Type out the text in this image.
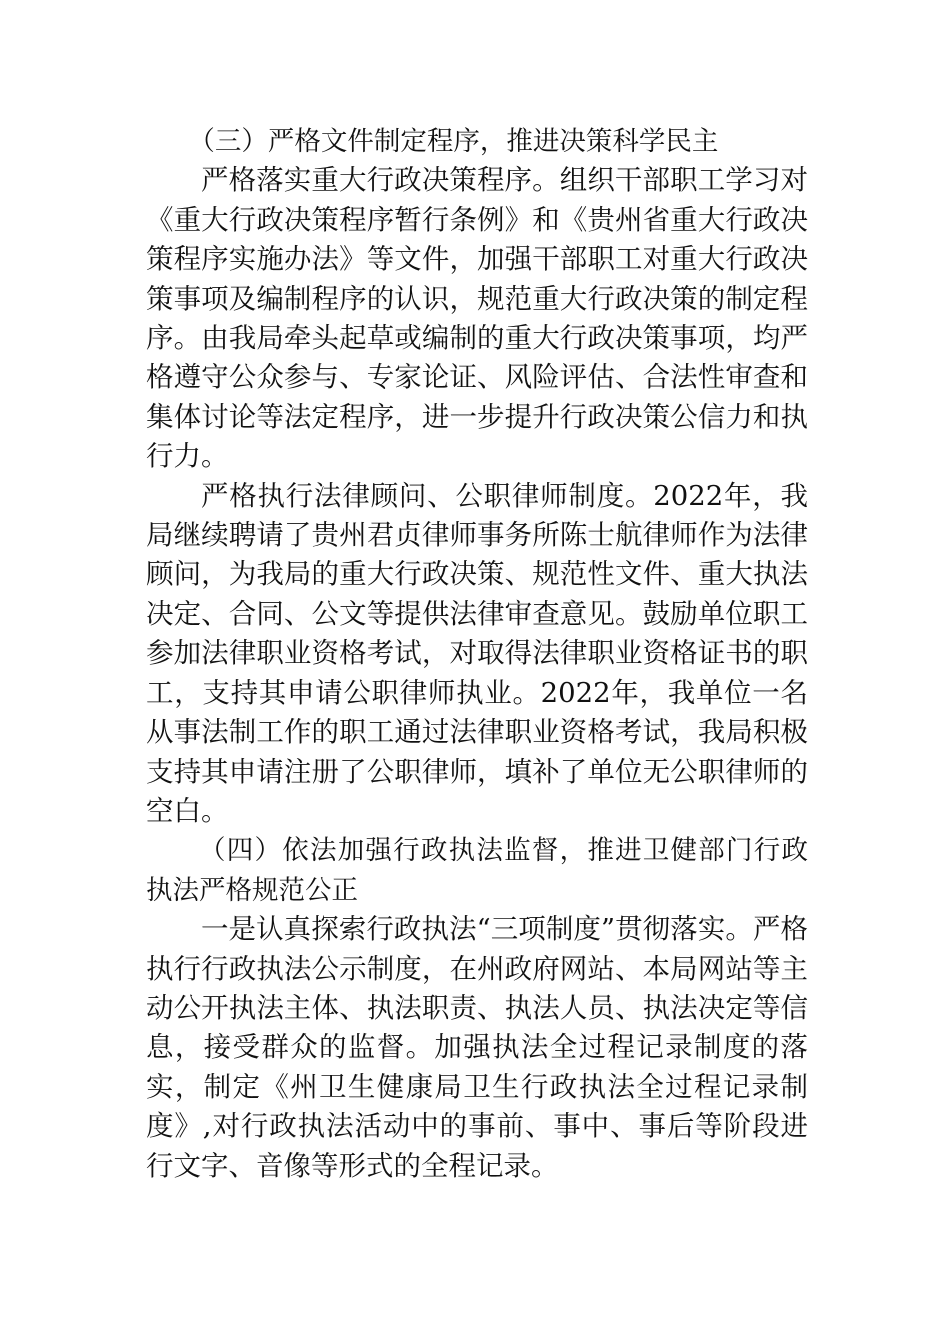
（三）严格文件制定程序，推进决策科学民主

严格落实重大行政决策程序。组织干部职工学习对《重大行政决策程序暂行条例》和《贵州省重大行政决策程序实施办法》等文件，加强干部职工对重大行政决策事项及编制程序的认识，规范重大行政决策的制定程序。由我局牵头起草或编制的重大行政决策事项，均严格遵守公众参与、专家论证、风险评估、合法性审查和集体讨论等法定程序，进一步提升行政决策公信力和执行力。

严格执行法律顾问、公职律师制度。2022年，我局继续聘请了贵州君贞律师事务所陈士航律师作为法律顾问，为我局的重大行政决策、规范性文件、重大执法决定、合同、公文等提供法律审查意见。鼓励单位职工参加法律职业资格考试，对取得法律职业资格证书的职工，支持其申请公职律师执业。2022年，我单位一名从事法制工作的职工通过法律职业资格考试，我局积极支持其申请注册了公职律师，填补了单位无公职律师的空白。

（四）依法加强行政执法监督，推进卫健部门行政执法严格规范公正

一是认真探索行政执法“三项制度”贯彻落实。严格执行行政执法公示制度，在州政府网站、本局网站等主动公开执法主体、执法职责、执法人员、执法决定等信息，接受群众的监督。加强执法全过程记录制度的落实，制定《州卫生健康局卫生行政执法全过程记录制度》,对行政执法活动中的事前、事中、事后等阶段进行文字、音像等形式的全程记录。
